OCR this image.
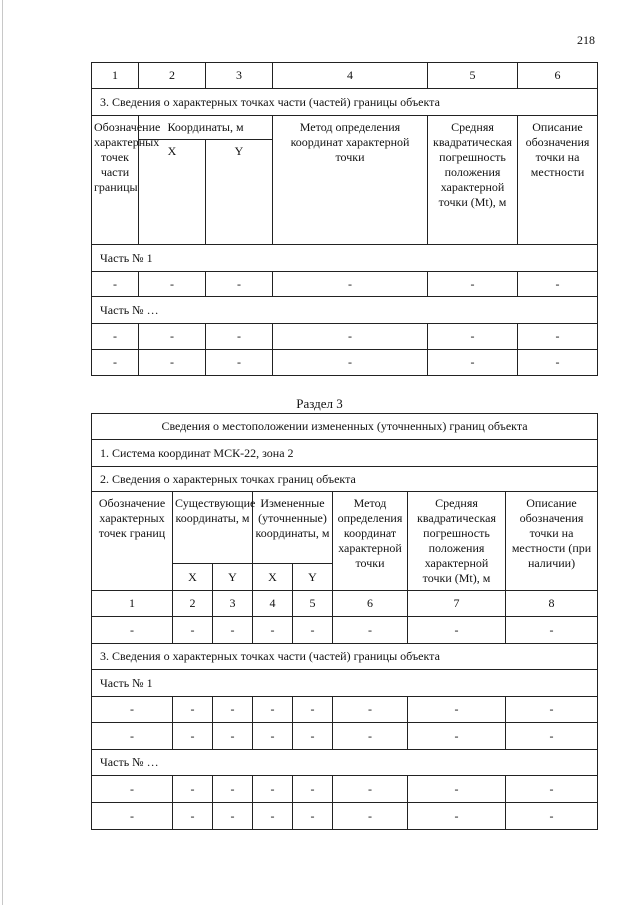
218
1	2	3	4	5	6
3. Сведения о характерных точках части (частей) границы объекта					
Обозначение характерных точек части границы	Координаты, м		Метод определения координат характерной точки	Средняя квадратическая погрешность положения характерной точки (Mt), м	Описание обозначения точки на местности
	X	Y			
Часть № 1					
-	-	-	-	-	-
Часть № …					
-	-	-	-	-	-
-	-	-	-	-	-
Раздел 3
Сведения о местоположении измененных (уточненных) границ объекта							
1. Система координат МСК-22, зона 2							
2. Сведения о характерных точках границ объекта							
Обозначение характерных точек границ	Существующие координаты, м		Измененные (уточненные) координаты, м		Метод определения координат характерной точки	Средняя квадратическая погрешность положения характерной точки (Mt), м	Описание обозначения точки на местности (при наличии)
	X	Y	X	Y			
1	2	3	4	5	6	7	8
-	-	-	-	-	-	-	-
3. Сведения о характерных точках части (частей) границы объекта							
Часть № 1							
-	-	-	-	-	-	-	-
-	-	-	-	-	-	-	-
Часть № …							
-	-	-	-	-	-	-	-
-	-	-	-	-	-	-	-
